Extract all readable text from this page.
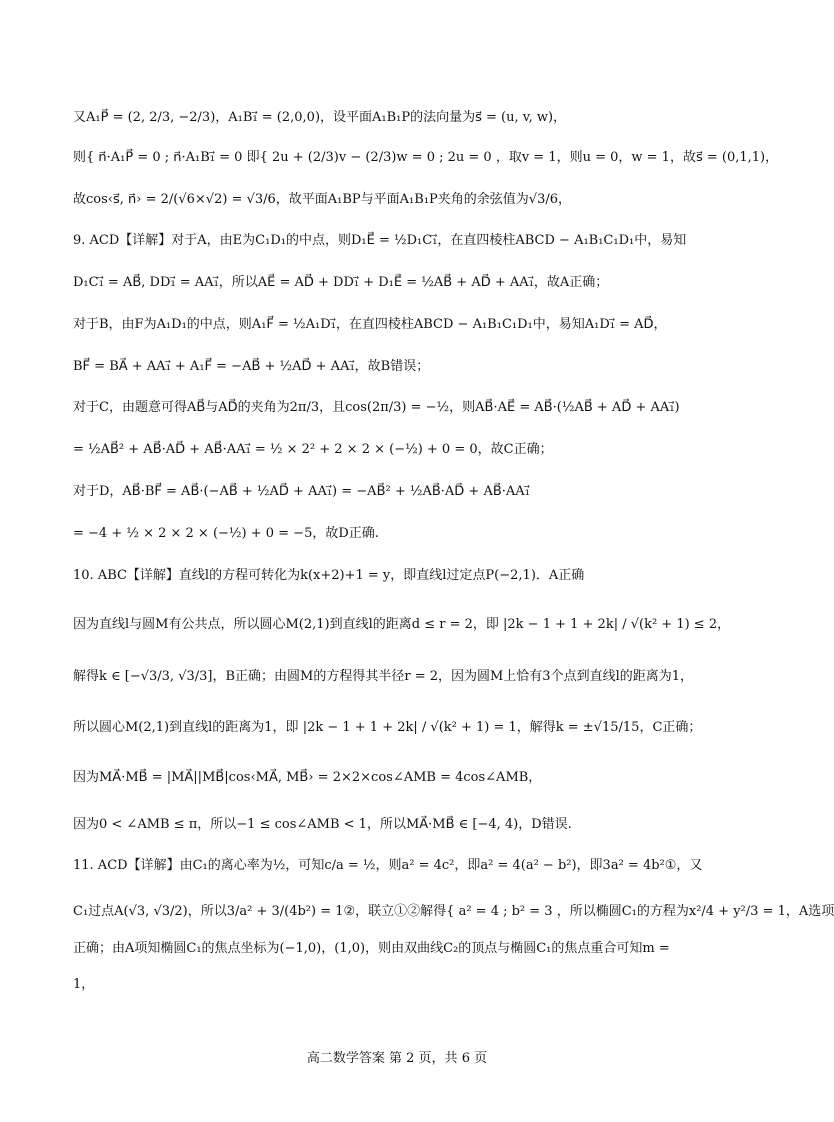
又A₁P⃗ = (2, 2/3, −2/3)，A₁B₁⃗ = (2,0,0)，设平面A₁B₁P的法向量为s⃗ = (u, v, w)，
则{ n⃗·A₁P⃗ = 0 ; n⃗·A₁B₁⃗ = 0 即{ 2u + (2/3)v − (2/3)w = 0 ; 2u = 0 ，取v = 1，则u = 0，w = 1，故s⃗ = (0,1,1)，
故cos‹s⃗, n⃗› = 2/(√6×√2) = √3/6，故平面A₁BP与平面A₁B₁P夹角的余弦值为√3/6，
9. ACD【详解】对于A，由E为C₁D₁的中点，则D₁E⃗ = ½D₁C₁⃗，在直四棱柱ABCD − A₁B₁C₁D₁中，易知
D₁C₁⃗ = AB⃗, DD₁⃗ = AA₁⃗，所以AE⃗ = AD⃗ + DD₁⃗ + D₁E⃗ = ½AB⃗ + AD⃗ + AA₁⃗，故A正确；
对于B，由F为A₁D₁的中点，则A₁F⃗ = ½A₁D₁⃗，在直四棱柱ABCD − A₁B₁C₁D₁中，易知A₁D₁⃗ = AD⃗，
BF⃗ = BA⃗ + AA₁⃗ + A₁F⃗ = −AB⃗ + ½AD⃗ + AA₁⃗，故B错误；
对于C，由题意可得AB⃗与AD⃗的夹角为2π/3，且cos(2π/3) = −½，则AB⃗·AE⃗ = AB⃗·(½AB⃗ + AD⃗ + AA₁⃗)
= ½AB⃗² + AB⃗·AD⃗ + AB⃗·AA₁⃗ = ½ × 2² + 2 × 2 × (−½) + 0 = 0，故C正确；
对于D，AB⃗·BF⃗ = AB⃗·(−AB⃗ + ½AD⃗ + AA₁⃗) = −AB⃗² + ½AB⃗·AD⃗ + AB⃗·AA₁⃗
= −4 + ½ × 2 × 2 × (−½) + 0 = −5，故D正确.
10. ABC【详解】直线l的方程可转化为k(x+2)+1 = y，即直线l过定点P(−2,1)．A正确
因为直线l与圆M有公共点，所以圆心M(2,1)到直线l的距离d ≤ r = 2，即 |2k − 1 + 1 + 2k| / √(k² + 1) ≤ 2，
解得k ∈ [−√3/3, √3/3]，B正确；由圆M的方程得其半径r = 2，因为圆M上恰有3个点到直线l的距离为1，
所以圆心M(2,1)到直线l的距离为1，即 |2k − 1 + 1 + 2k| / √(k² + 1) = 1，解得k = ±√15/15，C正确；
因为MA⃗·MB⃗ = |MA⃗||MB⃗|cos‹MA⃗, MB⃗› = 2×2×cos∠AMB = 4cos∠AMB，
因为0 < ∠AMB ≤ π，所以−1 ≤ cos∠AMB < 1，所以MA⃗·MB⃗ ∈ [−4, 4)，D错误.
11. ACD【详解】由C₁的离心率为½，可知c/a = ½，则a² = 4c²，即a² = 4(a² − b²)，即3a² = 4b²①，又
C₁过点A(√3, √3/2)，所以3/a² + 3/(4b²) = 1②，联立①②解得{ a² = 4 ; b² = 3 ，所以椭圆C₁的方程为x²/4 + y²/3 = 1，A选项
正确；由A项知椭圆C₁的焦点坐标为(−1,0)，(1,0)，则由双曲线C₂的顶点与椭圆C₁的焦点重合可知m =
1，
高二数学答案 第 2 页，共 6 页
